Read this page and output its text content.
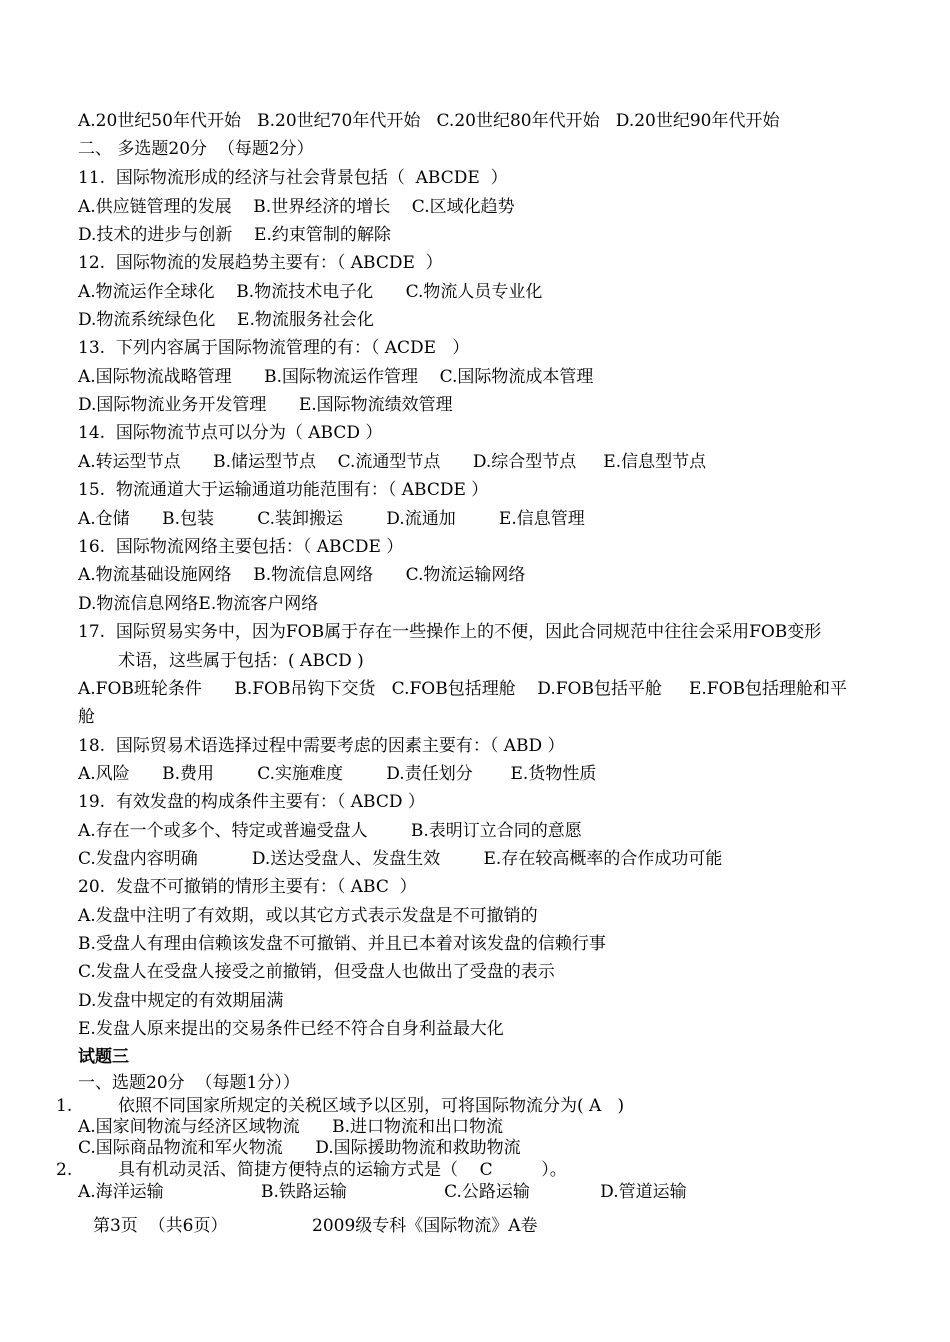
A.20世纪50年代开始   B.20世纪70年代开始   C.20世纪80年代开始   D.20世纪90年代开始
二、 多选题20分  （每题2分）
11.  国际物流形成的经济与社会背景包括（  ABCDE  ）
A.供应链管理的发展    B.世界经济的增长    C.区域化趋势
D.技术的进步与创新    E.约束管制的解除
12.  国际物流的发展趋势主要有：（ ABCDE  ）
A.物流运作全球化    B.物流技术电子化      C.物流人员专业化
D.物流系统绿色化    E.物流服务社会化
13.  下列内容属于国际物流管理的有：（ ACDE   ）
A.国际物流战略管理      B.国际物流运作管理    C.国际物流成本管理
D.国际物流业务开发管理      E.国际物流绩效管理
14.  国际物流节点可以分为（ ABCD ）
A.转运型节点      B.储运型节点    C.流通型节点      D.综合型节点     E.信息型节点
15.  物流通道大于运输通道功能范围有：（ ABCDE ）
A.仓储      B.包装        C.装卸搬运        D.流通加        E.信息管理
16.  国际物流网络主要包括：（ ABCDE ）
A.物流基础设施网络    B.物流信息网络      C.物流运输网络
D.物流信息网络E.物流客户网络
17.  国际贸易实务中，因为FOB属于存在一些操作上的不便，因此合同规范中往往会采用FOB变形
术语，这些属于包括：( ABCD )
A.FOB班轮条件      B.FOB吊钩下交货   C.FOB包括理舱    D.FOB包括平舱     E.FOB包括理舱和平
舱
18.  国际贸易术语选择过程中需要考虑的因素主要有：（ ABD ）
A.风险      B.费用        C.实施难度        D.责任划分       E.货物性质
19.  有效发盘的构成条件主要有：（ ABCD ）
A.存在一个或多个、特定或普遍受盘人        B.表明订立合同的意愿
C.发盘内容明确          D.送达受盘人、发盘生效        E.存在较高概率的合作成功可能
20.  发盘不可撤销的情形主要有：（ ABC  ）
A.发盘中注明了有效期，或以其它方式表示发盘是不可撤销的
B.受盘人有理由信赖该发盘不可撤销、并且已本着对该发盘的信赖行事
C.发盘人在受盘人接受之前撤销，但受盘人也做出了受盘的表示
D.发盘中规定的有效期届满
E.发盘人原来提出的交易条件已经不符合自身利益最大化
试题三
一、选题20分  （每题1分））
1.	依照不同国家所规定的关税区域予以区别，可将国际物流分为( A   )
A.国家间物流与经济区域物流      B.进口物流和出口物流
C.国际商品物流和军火物流      D.国际援助物流和救助物流
2.	具有机动灵活、简捷方便特点的运输方式是（    C         ）。
A.海洋运输                  B.铁路运输                  C.公路运输             D.管道运输
第3页  （共6页）	2009级专科《国际物流》A卷
